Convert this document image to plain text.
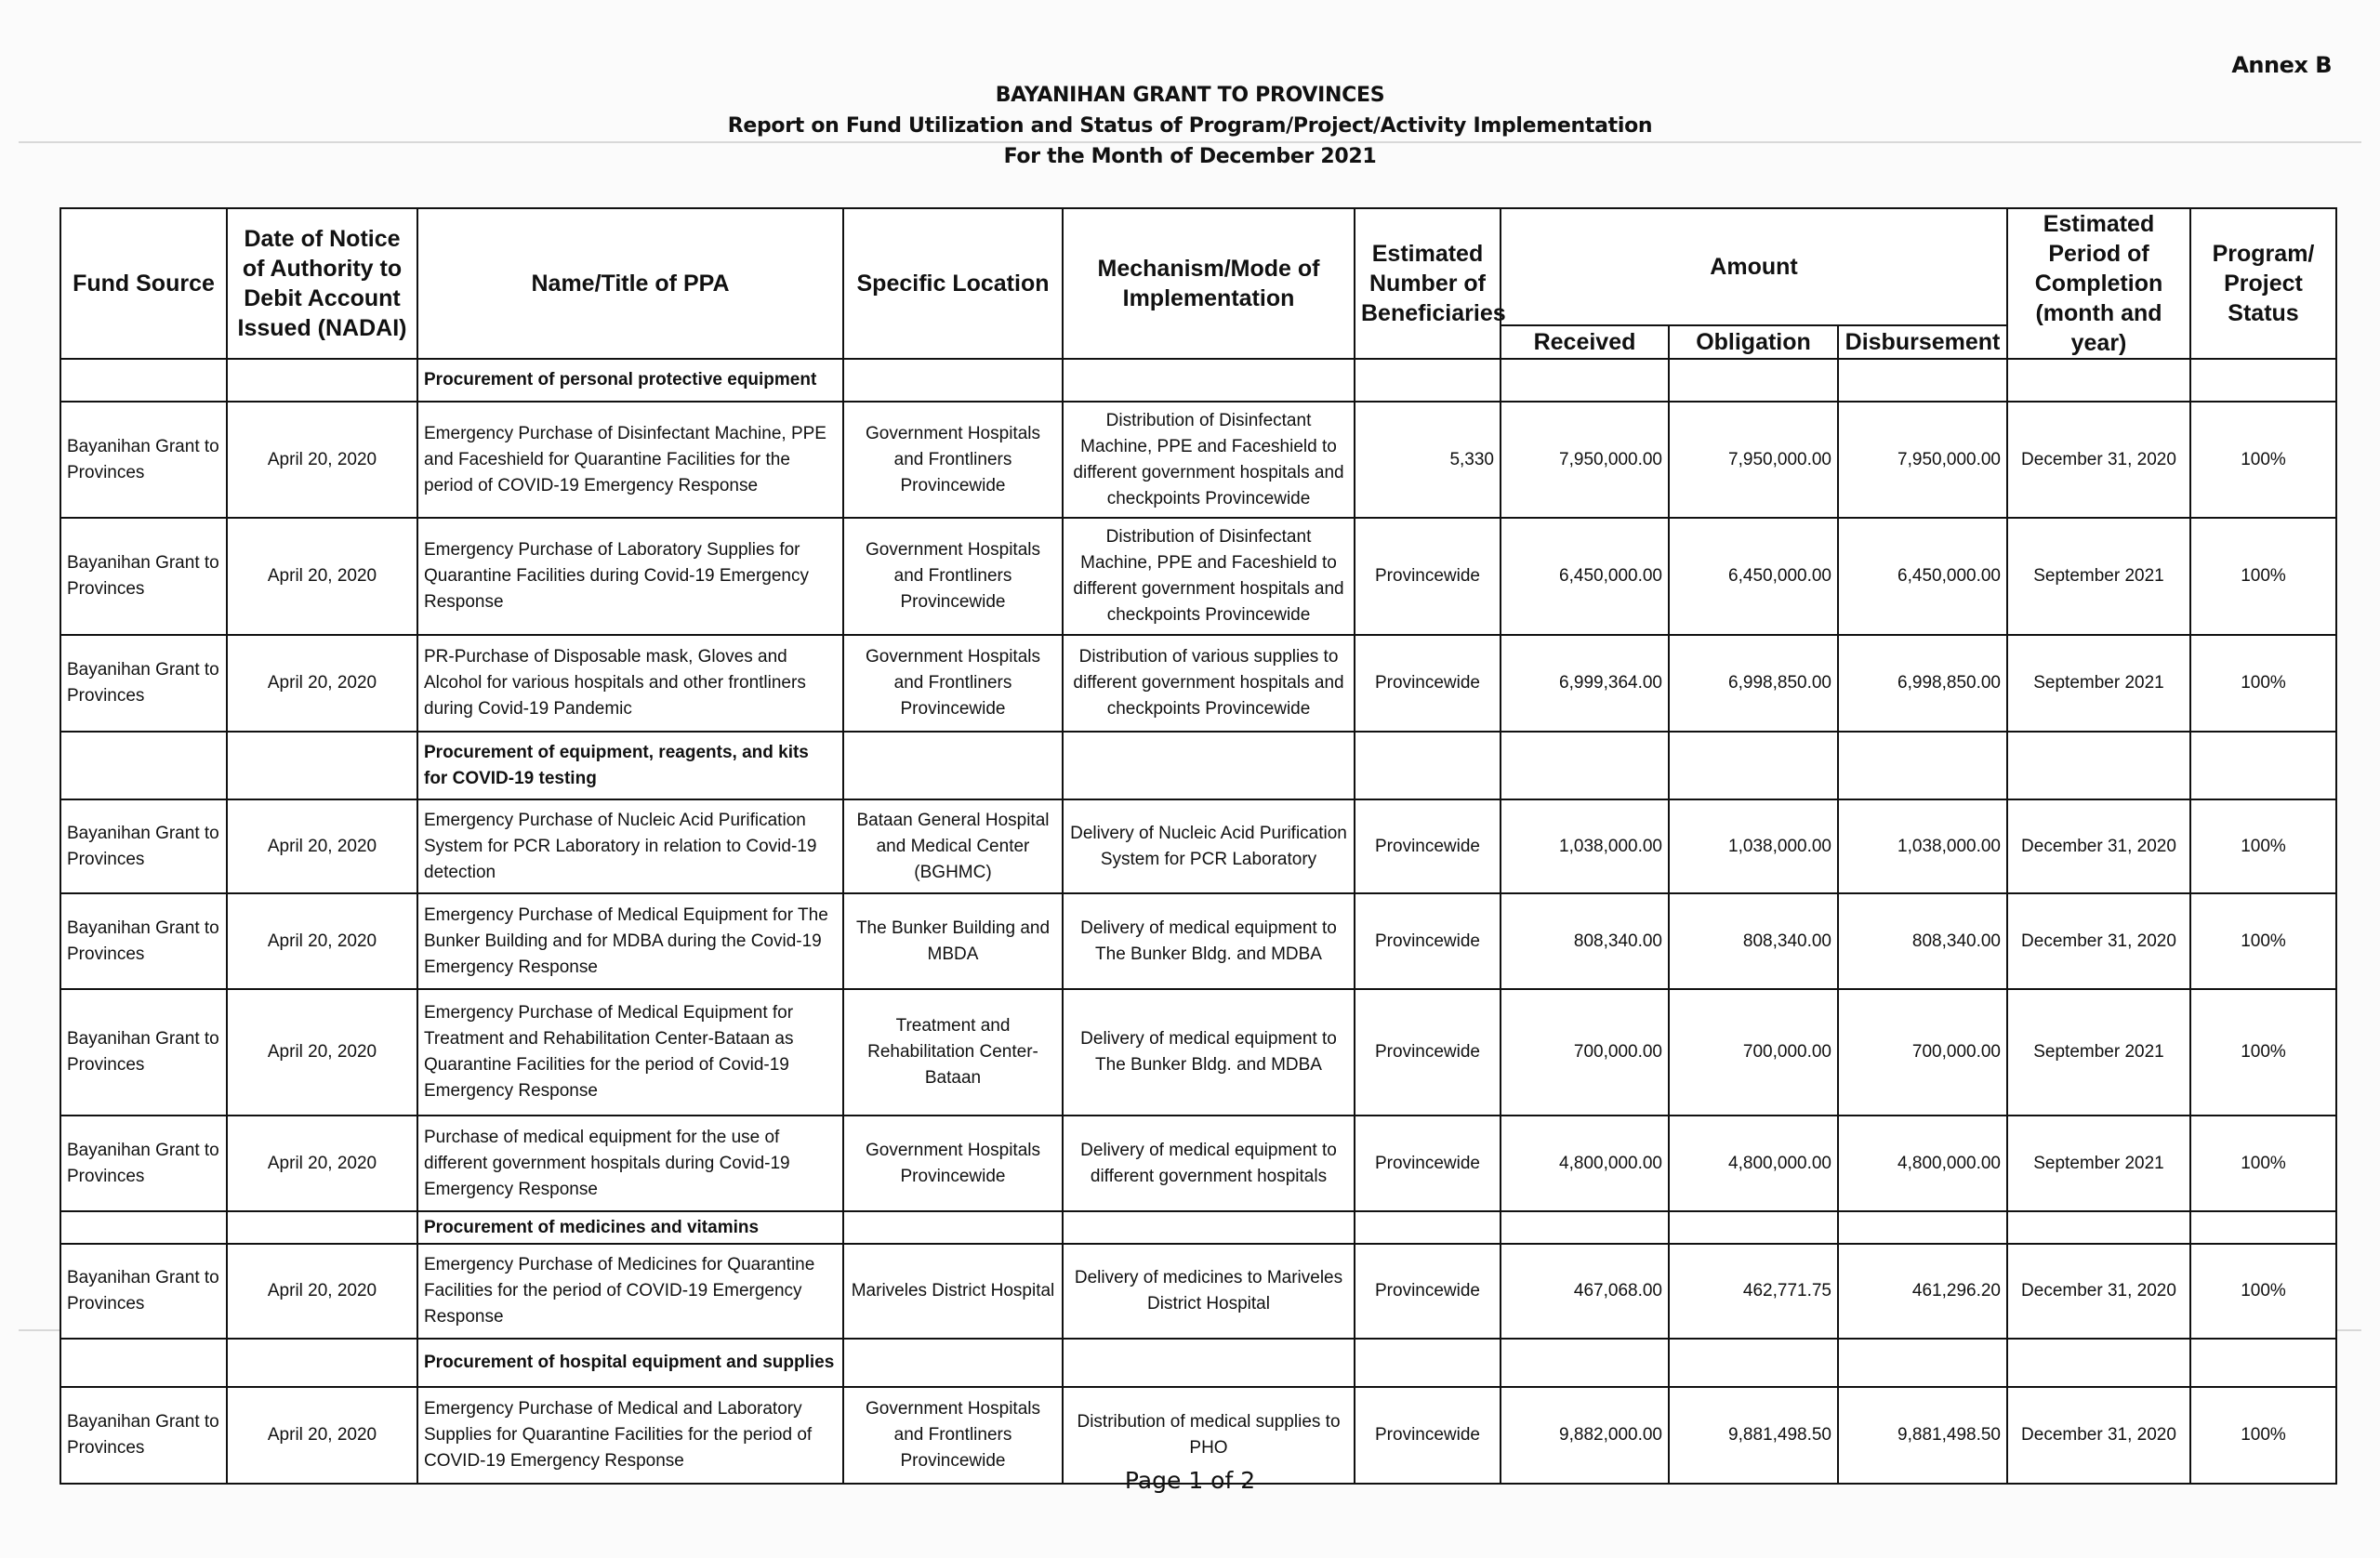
Annex B
BAYANIHAN GRANT TO PROVINCES
Report on Fund Utilization and Status of Program/Project/Activity Implementation
For the Month of December 2021
Fund Source	Date of Notice of Authority to Debit Account Issued (NADAI)	Name/Title of PPA	Specific Location	Mechanism/Mode of Implementation	Estimated Number of Beneficiaries	Amount			Estimated Period of Completion (month and year)	Program/ Project Status
						Received	Obligation	Disbursement		
		Procurement of personal protective equipment								
Bayanihan Grant to Provinces	April 20, 2020	Emergency Purchase of Disinfectant Machine, PPE and Faceshield for Quarantine Facilities for the period of COVID-19 Emergency Response	Government Hospitals and Frontliners Provincewide	Distribution of Disinfectant Machine, PPE and Faceshield to different government hospitals and checkpoints Provincewide	5,330	7,950,000.00	7,950,000.00	7,950,000.00	December 31, 2020	100%
Bayanihan Grant to Provinces	April 20, 2020	Emergency Purchase of Laboratory Supplies for Quarantine Facilities during Covid-19 Emergency Response	Government Hospitals and Frontliners Provincewide	Distribution of Disinfectant Machine, PPE and Faceshield to different government hospitals and checkpoints Provincewide	Provincewide	6,450,000.00	6,450,000.00	6,450,000.00	September 2021	100%
Bayanihan Grant to Provinces	April 20, 2020	PR-Purchase of Disposable mask, Gloves and Alcohol for various hospitals and other frontliners during Covid-19 Pandemic	Government Hospitals and Frontliners Provincewide	Distribution of various supplies to different government hospitals and checkpoints Provincewide	Provincewide	6,999,364.00	6,998,850.00	6,998,850.00	September 2021	100%
		Procurement of equipment, reagents, and kits for COVID-19 testing								
Bayanihan Grant to Provinces	April 20, 2020	Emergency Purchase of Nucleic Acid Purification System for PCR Laboratory in relation to Covid-19 detection	Bataan General Hospital and Medical Center (BGHMC)	Delivery of Nucleic Acid Purification System for PCR Laboratory	Provincewide	1,038,000.00	1,038,000.00	1,038,000.00	December 31, 2020	100%
Bayanihan Grant to Provinces	April 20, 2020	Emergency Purchase of Medical Equipment for The Bunker Building and for MDBA during the Covid-19 Emergency Response	The Bunker Building and MBDA	Delivery of medical equipment to The Bunker Bldg. and MDBA	Provincewide	808,340.00	808,340.00	808,340.00	December 31, 2020	100%
Bayanihan Grant to Provinces	April 20, 2020	Emergency Purchase of Medical Equipment for Treatment and Rehabilitation Center-Bataan as Quarantine Facilities for the period of Covid-19 Emergency Response	Treatment and Rehabilitation Center-Bataan	Delivery of medical equipment to The Bunker Bldg. and MDBA	Provincewide	700,000.00	700,000.00	700,000.00	September 2021	100%
Bayanihan Grant to Provinces	April 20, 2020	Purchase of medical equipment for the use of different government hospitals during Covid-19 Emergency Response	Government Hospitals Provincewide	Delivery of medical equipment to different government hospitals	Provincewide	4,800,000.00	4,800,000.00	4,800,000.00	September 2021	100%
		Procurement of medicines and vitamins								
Bayanihan Grant to Provinces	April 20, 2020	Emergency Purchase of Medicines for Quarantine Facilities for the period of COVID-19 Emergency Response	Mariveles District Hospital	Delivery of medicines to Mariveles District Hospital	Provincewide	467,068.00	462,771.75	461,296.20	December 31, 2020	100%
		Procurement of hospital equipment and supplies								
Bayanihan Grant to Provinces	April 20, 2020	Emergency Purchase of Medical and Laboratory Supplies for Quarantine Facilities for the period of COVID-19 Emergency Response	Government Hospitals and Frontliners Provincewide	Distribution of medical supplies to PHO	Provincewide	9,882,000.00	9,881,498.50	9,881,498.50	December 31, 2020	100%
Page 1 of 2
